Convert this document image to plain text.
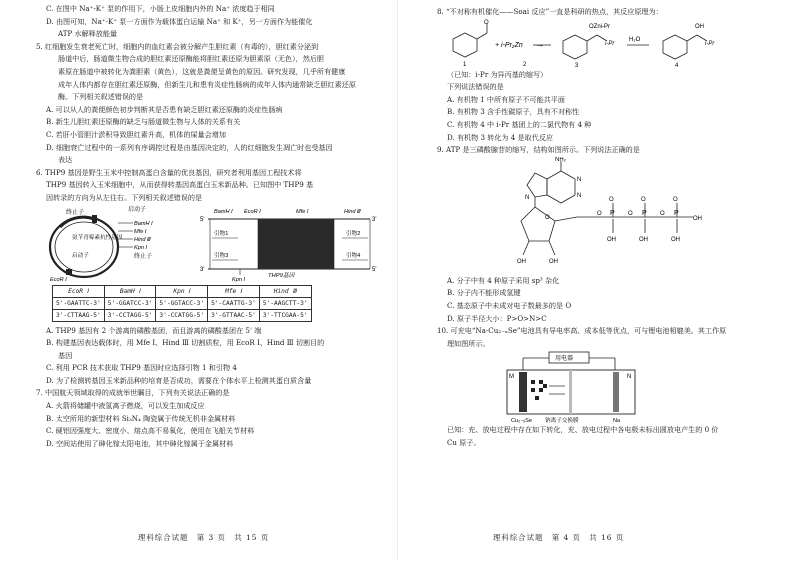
C. 在图中 Na⁺-K⁺ 泵的作用下，小肠上皮细胞内外的 Na⁺ 浓度趋于相同
D. 由图可知，Na⁺-K⁺ 泵一方面作为载体蛋白运输 Na⁺ 和 K⁺，另一方面作为能催化
ATP 水解释放能量
5. 红细胞发生衰老死亡时，细胞内的血红素会被分解产生胆红素（有毒的），胆红素分泌到
肠道中后，肠道微生物合成的胆红素还原酶能将胆红素还原为胆素原（无色），然后胆
素原在肠道中被转化为粪胆素（黄色），这就是粪便呈黄色的原因。研究发现，几乎所有健康
成年人体内都存在胆红素还原酶，但新生儿和患有炎症性肠病的成年人体内通常缺乏胆红素还原
酶。下列相关叙述错误的是
A. 可以从人的粪便颜色初步判断其是否患有缺乏胆红素还原酶的炎症性肠病
B. 新生儿胆红素还原酶的缺乏与肠道微生物与人体的关系有关
C. 若肝小管胆汁淤积导致胆红素升高，机体的屎量会增加
D. 细胞衰亡过程中的一系列有序调控过程是由基因决定的，人的红细胞发生凋亡时也受基因
表达
6. THP9 基因是野生玉米中控制高蛋白含量的优良基因，研究者利用基因工程技术将
THP9 基因转入玉米细胞中，从而获得转基因高蛋白玉米新品种。已知图中 THP9 基
因转录的方向为从左往右。下列相关叙述错误的是
终止子	启动子
BamH Ⅰ
Mfe Ⅰ
Hind Ⅲ
Kpn Ⅰ
终止子
氨苄青霉素抗性基因
启动子
EcoR Ⅰ
BamH Ⅰ EcoR Ⅰ	Mfe Ⅰ	Hind Ⅲ
5'	3'
3'	5'
引物1	引物2
引物3	引物4
THP9基因
Kpn Ⅰ
EcoR Ⅰ	BamH Ⅰ	Kpn Ⅰ	Mfe Ⅰ	Hind Ⅲ
5'-GAATTC-3'	5'-GGATCC-3'	5'-GGTACC-3'	5'-CAATTG-3'	5'-AAGCTT-3'
3'-CTTAAG-5'	3'-CCTAGG-5'	3'-CCATGG-5'	3'-GTTAAC-5'	3'-TTCGAA-5'
A. THP9 基因有 2 个游离的磷酸基团，而且游离的磷酸基团在 5' 端
B. 构建基因表达载体时，用 Mfe Ⅰ、Hind Ⅲ 切割质粒，用 EcoR Ⅰ、Hind Ⅲ 切割目的
基因
C. 利用 PCR 技术获取 THP9 基因时应选择引物 1 和引物 4
D. 为了检测转基因玉米新品种的培育是否成功，需要在个体水平上检测其蛋白质含量
7. 中国航天领域取得的成就举世瞩目，下列有关说法正确的是
A. 火箭将储罐中液氢离子燃烧，可以发生加成反应
B. 太空所用的新型材料 Si₃N₄ 陶瓷属于传统无机非金属材料
C. 硬铝因强度大、密度小、熔点高不易氧化，使用在飞船关节材料
D. 空间站使用了砷化镓太阳电池，其中砷化镓属于金属材料
理科综合试题　第 3 页　共 15 页
8. “不对称有机催化——Soai 反应”一直是科研的热点，其反应原理为：
O
1
+ i-Pr₂Zn
2
→
OZni-Pr
i-Pr
3
H₂O
OH
i-Pr
4
（已知：i-Pr 为异丙基的缩写）
下列说法错误的是
A. 有机物 1 中所有原子不可能共平面
B. 有机物 3 含手性碳原子，具有不对称性
C. 有机物 4 中 i-Pr 基团上的二氯代物有 4 种
D. 有机物 3 转化为 4 是取代反应
9. ATP 是三磷酸腺苷的缩写，结构如图所示。下列说法正确的是
NH₂
N
N
N
O
OH	OH
O P O P O P
OH
O	O	O
OH	OH	OH
A. 分子中有 4 种原子采用 sp³ 杂化
B. 分子内不能形成氢键
C. 基态原子中未成对电子数最多的是 O
D. 原子半径大小：P>O>N>C
10. 可充电“Na-Cu₂₋ₓSe”电池具有导电率高、成本低等优点，可与锂电池相媲美。其工作原
理如图所示。
用电器
M	N
Cu₂₋ₓSe 钠离子交换膜	Na
已知：充、放电过程中存在如下转化，充、放电过程中各电极未标出圆放电产生的 0 价
Cu 原子。
理科综合试题　第 4 页　共 16 页
